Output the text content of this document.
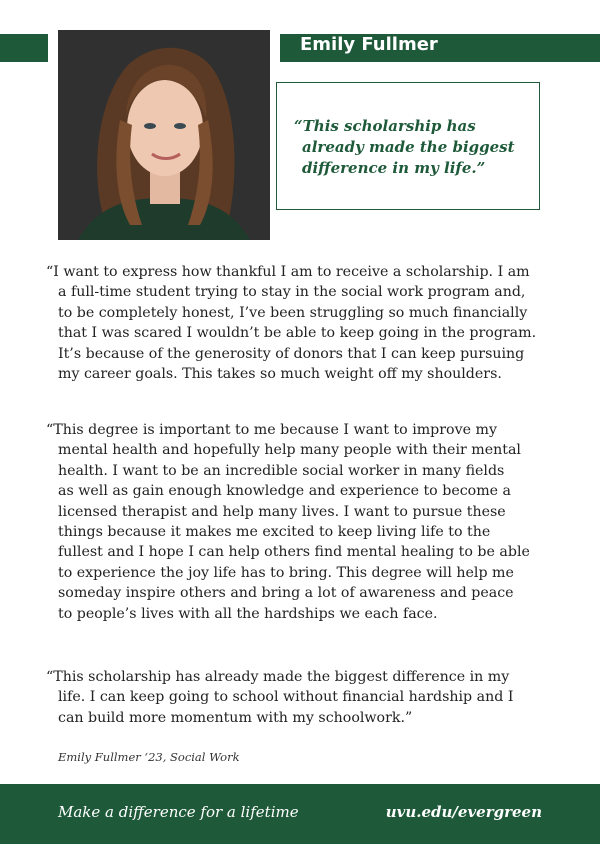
Emily Fullmer
“This scholarship has
already made the biggest
difference in my life.”
“I want to express how thankful I am to receive a scholarship. I am
a full-time student trying to stay in the social work program and,
to be completely honest, I’ve been struggling so much financially
that I was scared I wouldn’t be able to keep going in the program.
It’s because of the generosity of donors that I can keep pursuing
my career goals. This takes so much weight off my shoulders.
“This degree is important to me because I want to improve my
mental health and hopefully help many people with their mental
health. I want to be an incredible social worker in many fields
as well as gain enough knowledge and experience to become a
licensed therapist and help many lives. I want to pursue these
things because it makes me excited to keep living life to the
fullest and I hope I can help others find mental healing to be able
to experience the joy life has to bring. This degree will help me
someday inspire others and bring a lot of awareness and peace
to people’s lives with all the hardships we each face.
“This scholarship has already made the biggest difference in my
life. I can keep going to school without financial hardship and I
can build more momentum with my schoolwork.”
Emily Fullmer ‘23, Social Work
Make a difference for a lifetime	uvu.edu/evergreen
